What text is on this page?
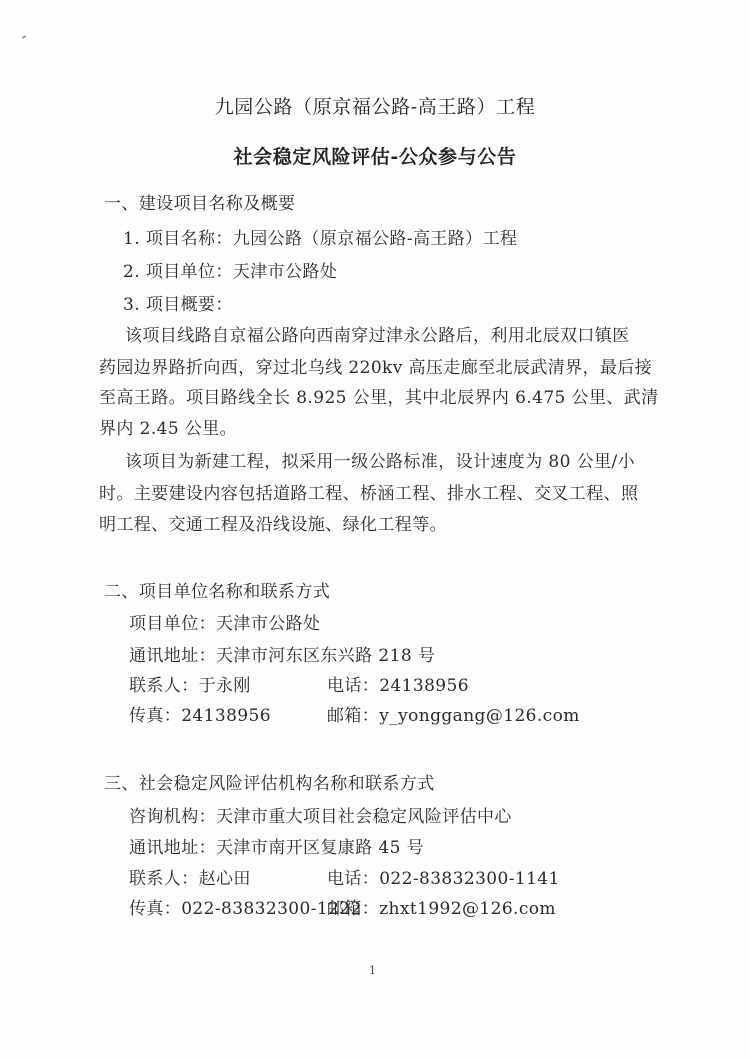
九园公路（原京福公路-高王路）工程
社会稳定风险评估-公众参与公告
一、建设项目名称及概要
1. 项目名称：九园公路（原京福公路-高王路）工程
2. 项目单位：天津市公路处
3. 项目概要：
该项目线路自京福公路向西南穿过津永公路后，利用北辰双口镇医
药园边界路折向西，穿过北乌线 220kv 高压走廊至北辰武清界，最后接
至高王路。项目路线全长 8.925 公里，其中北辰界内 6.475 公里、武清
界内 2.45 公里。
该项目为新建工程，拟采用一级公路标准，设计速度为 80 公里/小
时。主要建设内容包括道路工程、桥涵工程、排水工程、交叉工程、照
明工程、交通工程及沿线设施、绿化工程等。
二、项目单位名称和联系方式
项目单位：天津市公路处
通讯地址：天津市河东区东兴路 218 号
联系人：于永刚	电话：24138956
传真：24138956	邮箱：y_yonggang@126.com
三、社会稳定风险评估机构名称和联系方式
咨询机构：天津市重大项目社会稳定风险评估中心
通讯地址：天津市南开区复康路 45 号
联系人：赵心田	电话：022-83832300-1141
传真：022-83832300-1222
邮箱：zhxt1992@126.com
1
